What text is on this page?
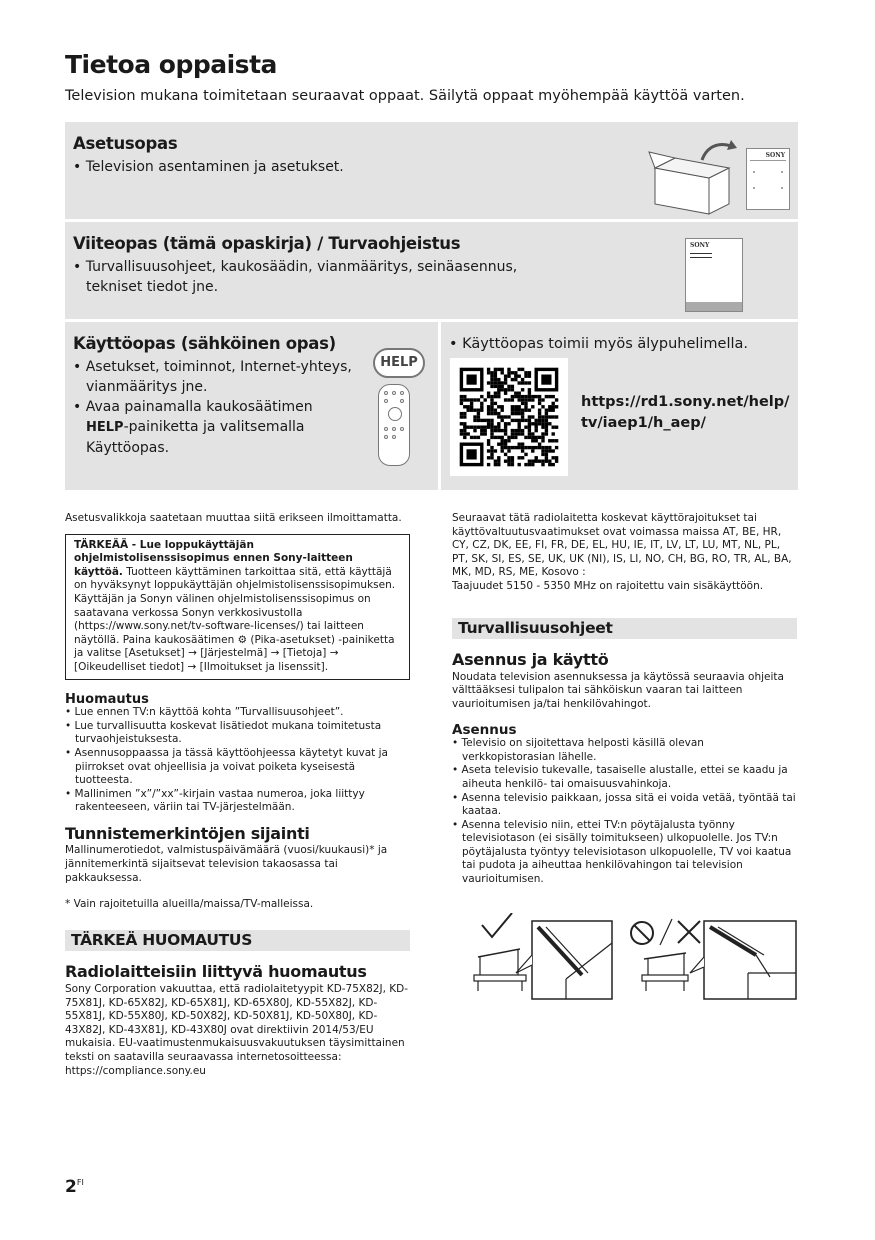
Tietoa oppaista
Television mukana toimitetaan seuraavat oppaat. Säilytä oppaat myöhempää käyttöä varten.
Asetusopas
• Television asentaminen ja asetukset.
SONY
Viiteopas (tämä opaskirja) / Turvaohjeistus
• Turvallisuusohjeet, kaukosäädin, vianmääritys, seinäasennus, tekniset tiedot jne.
SONY
Käyttöopas (sähköinen opas)
• Asetukset, toiminnot, Internet-yhteys, vianmääritys jne.
• Avaa painamalla kaukosäätimen HELP-painiketta ja valitsemalla Käyttöopas.
HELP
• Käyttöopas toimii myös älypuhelimella.
https://rd1.sony.net/help/
tv/iaep1/h_aep/

Asetusvalikkoja saatetaan muuttaa siitä erikseen ilmoittamatta.

TÄRKEÄÄ - Lue loppukäyttäjän ohjelmistolisenssisopimus ennen Sony-laitteen käyttöä. Tuotteen käyttäminen tarkoittaa sitä, että käyttäjä on hyväksynyt loppukäyttäjän ohjelmistolisenssisopimuksen. Käyttäjän ja Sonyn välinen ohjelmistolisenssisopimus on saatavana verkossa Sonyn verkkosivustolla (https://www.sony.net/tv-software-licenses/) tai laitteen näytöllä. Paina kaukosäätimen ⚙ (Pika-asetukset) -painiketta ja valitse [Asetukset] → [Järjestelmä] → [Tietoja] → [Oikeudelliset tiedot] → [Ilmoitukset ja lisenssit].
Huomautus
• Lue ennen TV:n käyttöä kohta ”Turvallisuusohjeet”.
• Lue turvallisuutta koskevat lisätiedot mukana toimitetusta turvaohjeistuksesta.
• Asennusoppaassa ja tässä käyttöohjeessa käytetyt kuvat ja piirrokset ovat ohjeellisia ja voivat poiketa kyseisestä tuotteesta.
• Mallinimen ”x”/”xx”-kirjain vastaa numeroa, joka liittyy rakenteeseen, väriin tai TV-järjestelmään.
Tunnistemerkintöjen sijainti

Mallinumerotiedot, valmistuspäivämäärä (vuosi/kuukausi)* ja jännitemerkintä sijaitsevat television takaosassa tai pakkauksessa.

* Vain rajoitetuilla alueilla/maissa/TV-malleissa.

TÄRKEÄ HUOMAUTUS
Radiolaitteisiin liittyvä huomautus

Sony Corporation vakuuttaa, että radiolaitetyypit KD-75X82J, KD-75X81J, KD-65X82J, KD-65X81J, KD-65X80J, KD-55X82J, KD-55X81J, KD-55X80J, KD-50X82J, KD-50X81J, KD-50X80J, KD-43X82J, KD-43X81J, KD-43X80J ovat direktiivin 2014/53/EU mukaisia. EU-vaatimustenmukaisuusvakuutuksen täysimittainen teksti on saatavilla seuraavassa internetosoitteessa: https://compliance.sony.eu

Seuraavat tätä radiolaitetta koskevat käyttörajoitukset tai käyttövaltuutusvaatimukset ovat voimassa maissa AT, BE, HR, CY, CZ, DK, EE, FI, FR, DE, EL, HU, IE, IT, LV, LT, LU, MT, NL, PL, PT, SK, SI, ES, SE, UK, UK (NI), IS, LI, NO, CH, BG, RO, TR, AL, BA, MK, MD, RS, ME, Kosovo :

Taajuudet 5150 - 5350 MHz on rajoitettu vain sisäkäyttöön.

Turvallisuusohjeet
Asennus ja käyttö

Noudata television asennuksessa ja käytössä seuraavia ohjeita välttääksesi tulipalon tai sähköiskun vaaran tai laitteen vaurioitumisen ja/tai henkilövahingot.

Asennus
• Televisio on sijoitettava helposti käsillä olevan verkkopistorasian lähelle.
• Aseta televisio tukevalle, tasaiselle alustalle, ettei se kaadu ja aiheuta henkilö- tai omaisuusvahinkoja.
• Asenna televisio paikkaan, jossa sitä ei voida vetää, työntää tai kaataa.
• Asenna televisio niin, ettei TV:n pöytäjalusta työnny televisiotason (ei sisälly toimitukseen) ulkopuolelle. Jos TV:n pöytäjalusta työntyy televisiotason ulkopuolelle, TV voi kaatua tai pudota ja aiheuttaa henkilövahingon tai television vaurioitumisen.
$2^{FI}$
